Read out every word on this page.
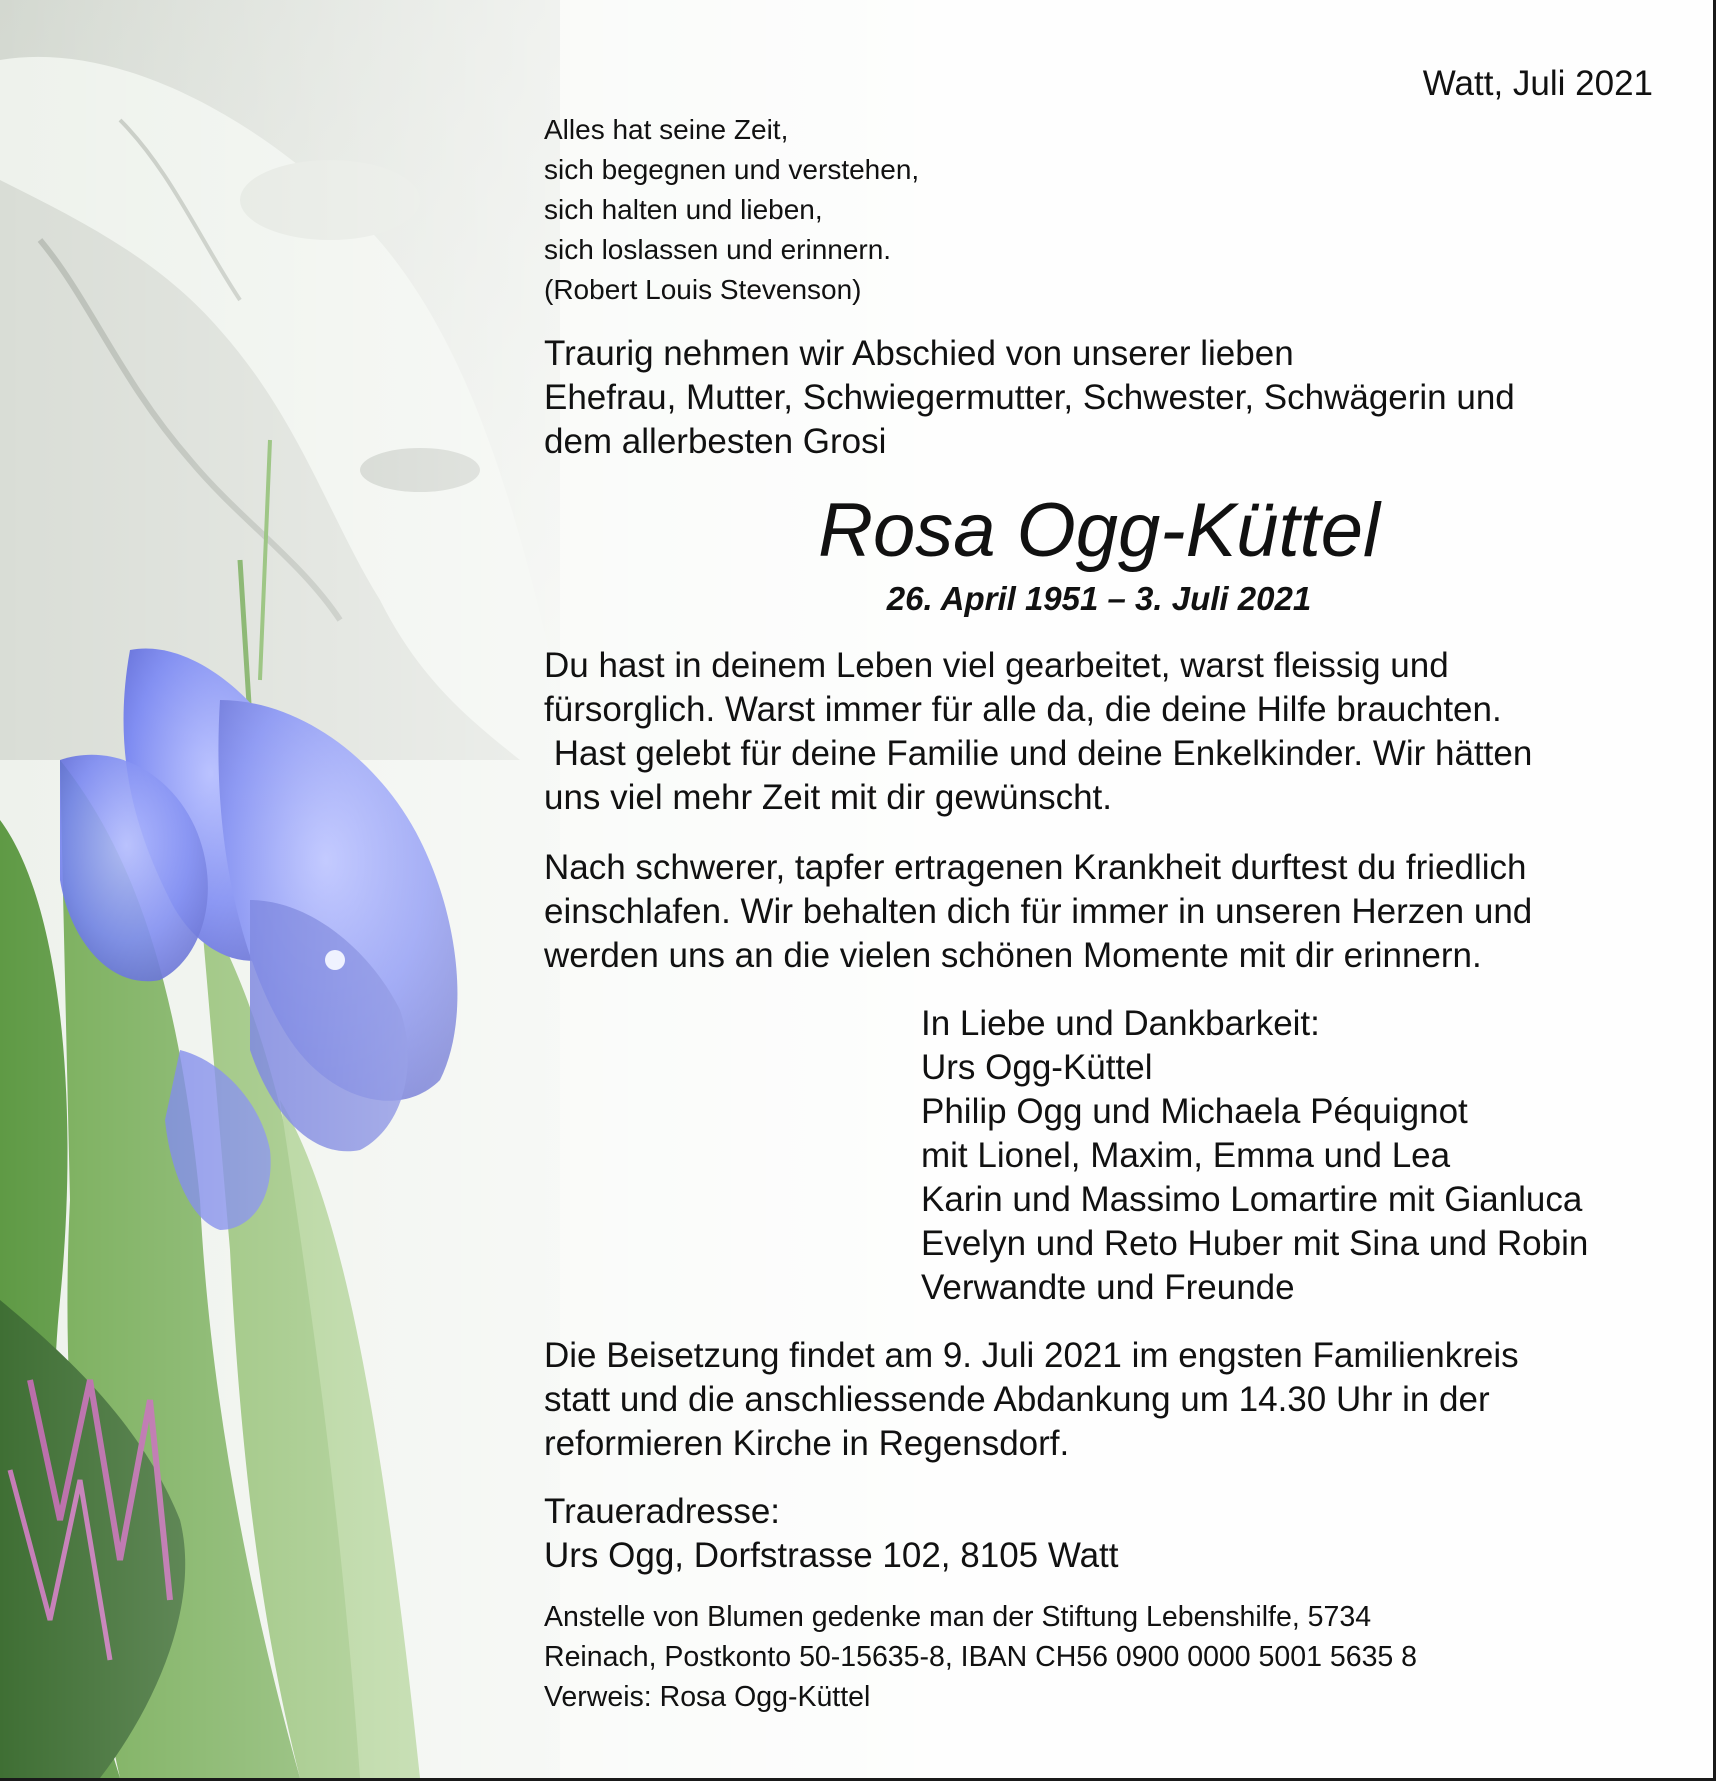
Watt, Juli 2021
Alles hat seine Zeit,
sich begegnen und verstehen,
sich halten und lieben,
sich loslassen und erinnern.
(Robert Louis Stevenson)
Traurig nehmen wir Abschied von unserer lieben
Ehefrau, Mutter, Schwiegermutter, Schwester, Schwägerin und
dem allerbesten Grosi
Rosa Ogg-Küttel
26. April 1951 – 3. Juli 2021
Du hast in deinem Leben viel gearbeitet, warst fleissig und
fürsorglich. Warst immer für alle da, die deine Hilfe brauchten.
Hast gelebt für deine Familie und deine Enkelkinder. Wir hätten
uns viel mehr Zeit mit dir gewünscht.
Nach schwerer, tapfer ertragenen Krankheit durftest du friedlich
einschlafen. Wir behalten dich für immer in unseren Herzen und
werden uns an die vielen schönen Momente mit dir erinnern.
In Liebe und Dankbarkeit:
Urs Ogg-Küttel
Philip Ogg und Michaela Péquignot
mit Lionel, Maxim, Emma und Lea
Karin und Massimo Lomartire mit Gianluca
Evelyn und Reto Huber mit Sina und Robin
Verwandte und Freunde
Die Beisetzung findet am 9. Juli 2021 im engsten Familienkreis
statt und die anschliessende Abdankung um 14.30 Uhr in der
reformieren Kirche in Regensdorf.
Traueradresse:
Urs Ogg, Dorfstrasse 102, 8105 Watt
Anstelle von Blumen gedenke man der Stiftung Lebenshilfe, 5734
Reinach, Postkonto 50-15635-8, IBAN CH56 0900 0000 5001 5635 8
Verweis: Rosa Ogg-Küttel
